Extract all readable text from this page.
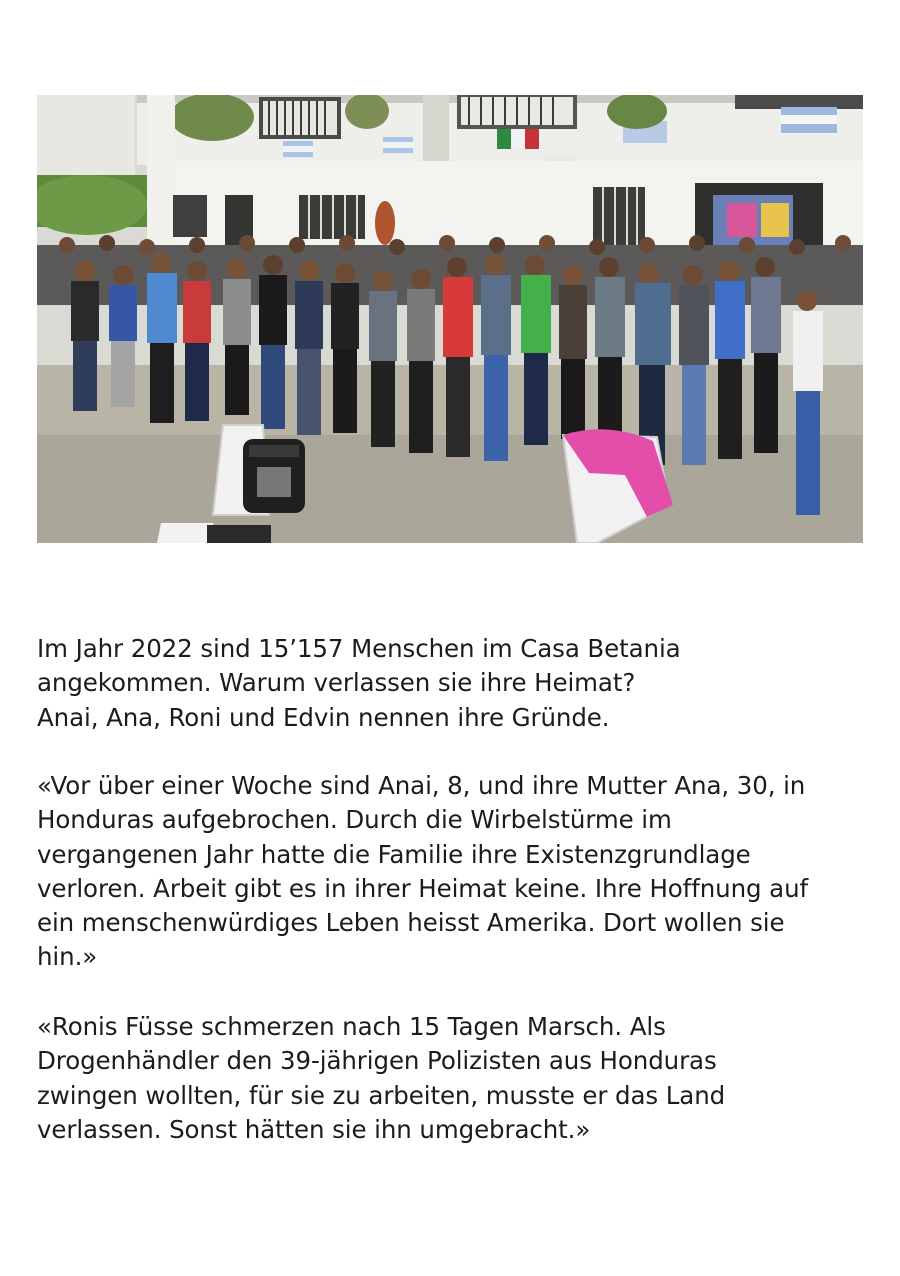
Im Jahr 2022 sind 15’157 Menschen im Casa Betania
angekommen. Warum verlassen sie ihre Heimat?
Anai, Ana, Roni und Edvin nennen ihre Gründe.

«Vor über einer Woche sind Anai, 8, und ihre Mutter Ana, 30, in
Honduras aufgebrochen. Durch die Wirbelstürme im
vergangenen Jahr hatte die Familie ihre Existenzgrundlage
verloren. Arbeit gibt es in ihrer Heimat keine. Ihre Hoffnung auf
ein menschenwürdiges Leben heisst Amerika. Dort wollen sie
hin.»

«Ronis Füsse schmerzen nach 15 Tagen Marsch. Als
Drogenhändler den 39-jährigen Polizisten aus Honduras
zwingen wollten, für sie zu arbeiten, musste er das Land
verlassen. Sonst hätten sie ihn umgebracht.»
